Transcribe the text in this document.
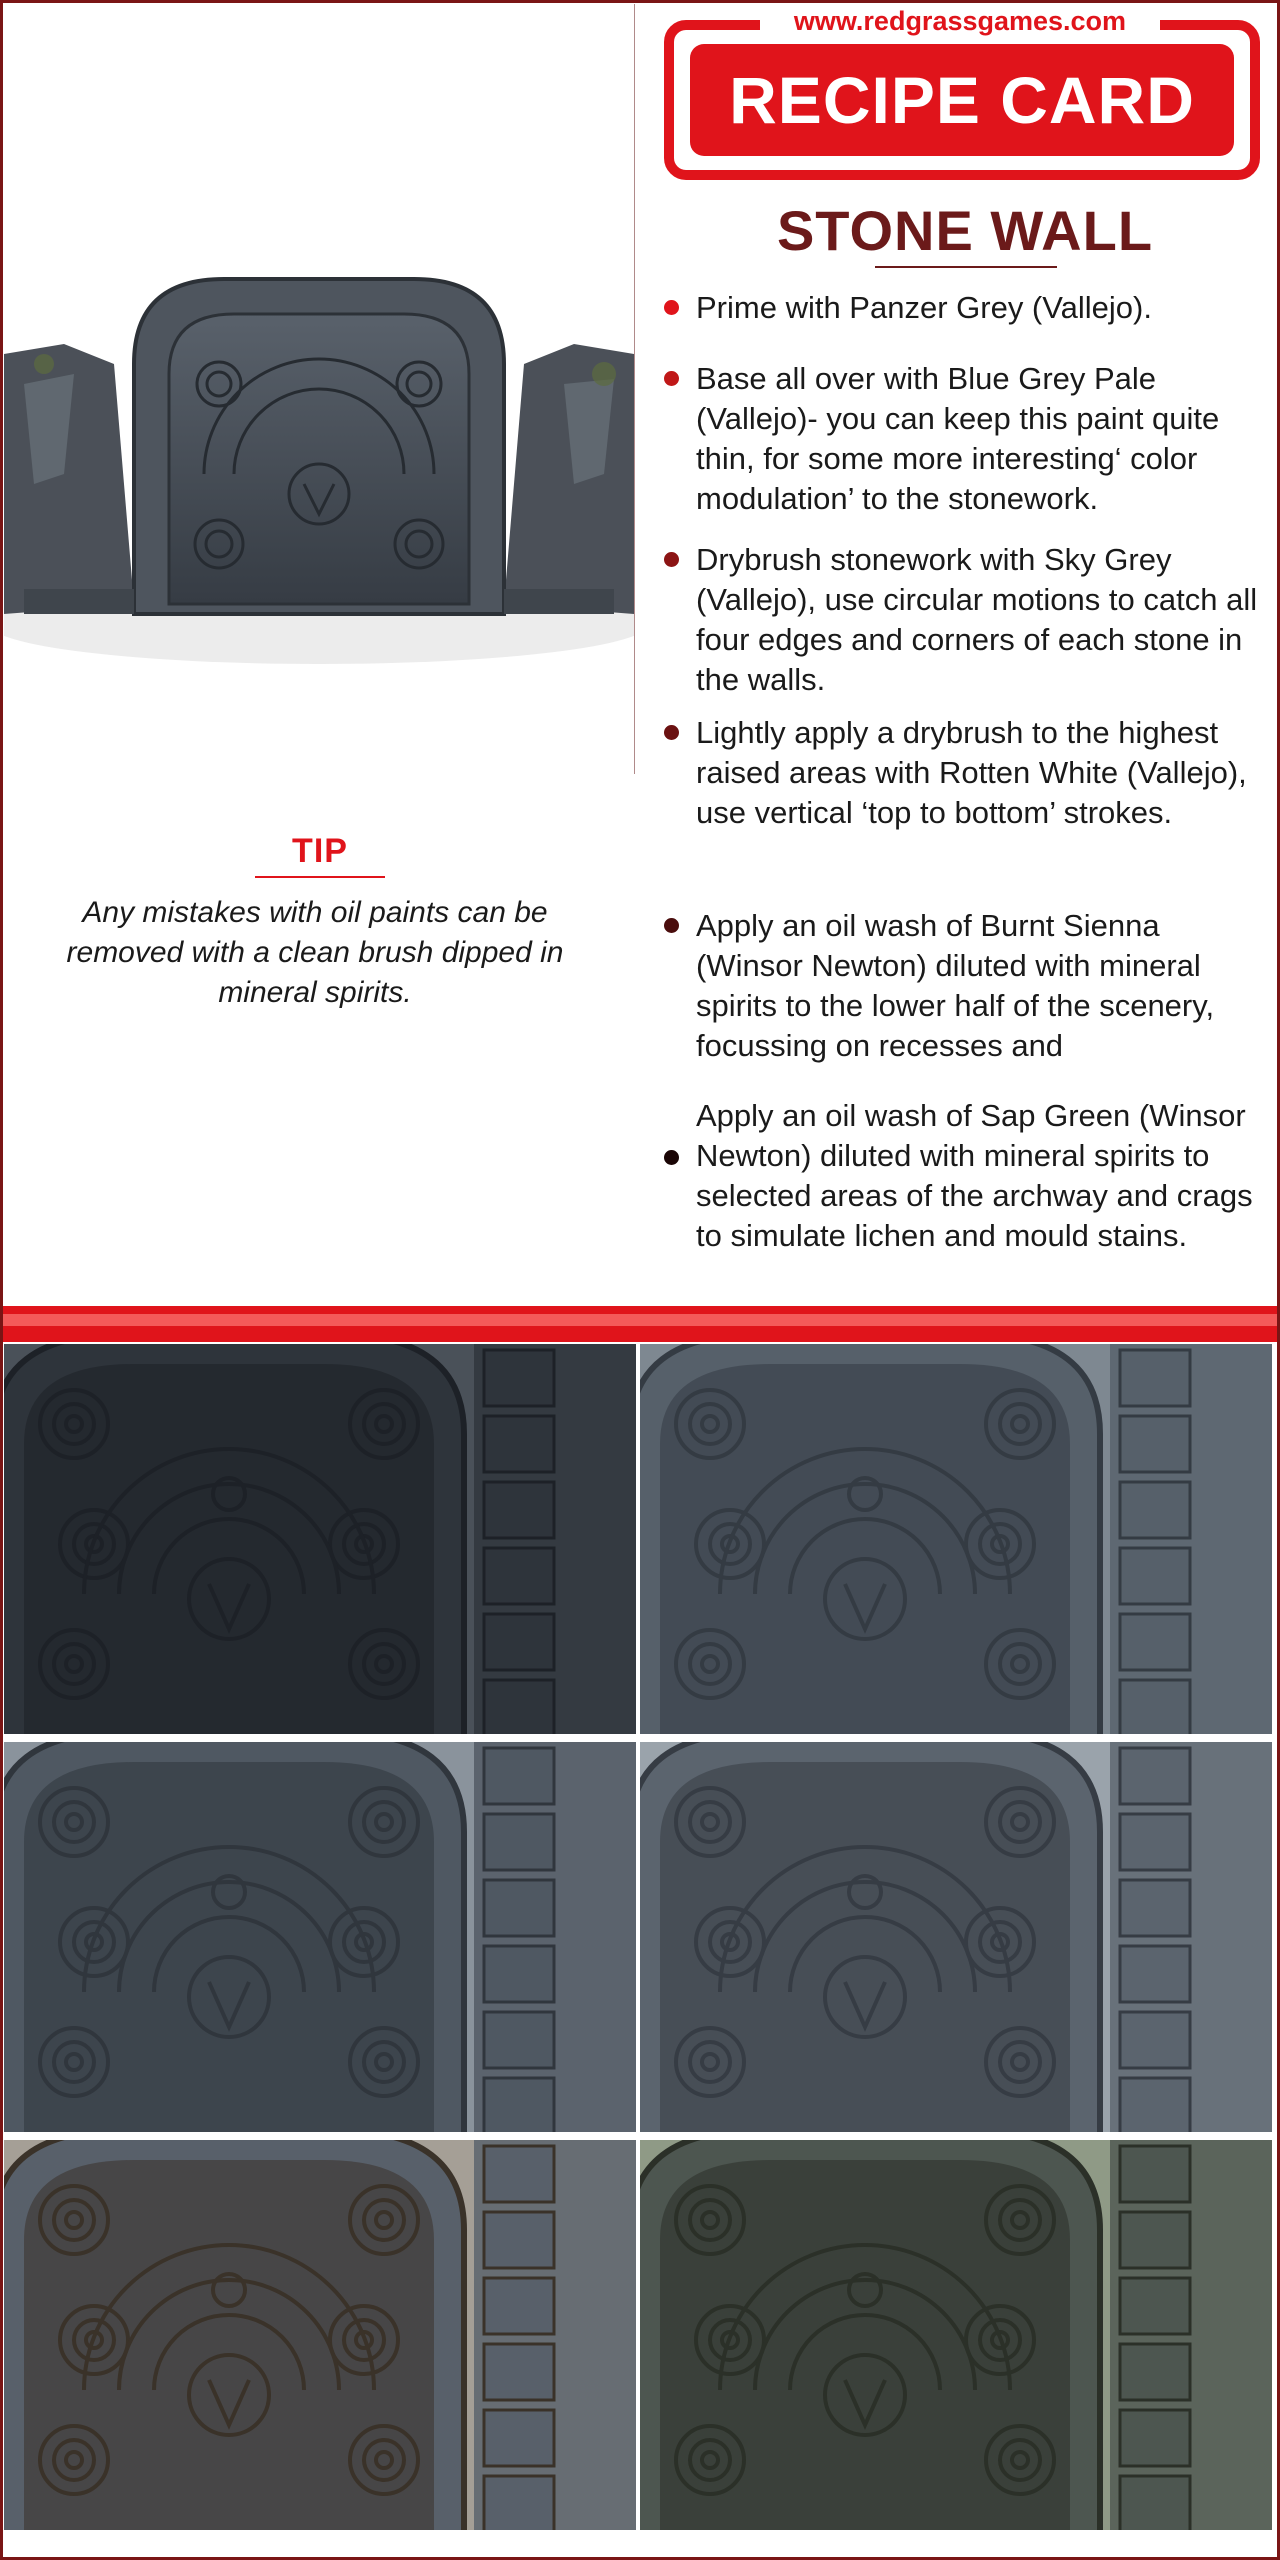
TIP
Any mistakes with oil paints can be removed with a clean brush dipped in mineral spirits.
www.redgrassgames.com
RECIPE CARD
STONE WALL
Prime with Panzer Grey (Vallejo).
Base all over with Blue Grey Pale (Vallejo)- you can keep this paint quite thin, for some more interesting‘ color modulation’ to the stonework.
Drybrush stonework with Sky Grey (Vallejo), use circular motions to catch all four edges and corners of each stone in the walls.
Lightly apply a drybrush to the highest raised areas with Rotten White (Vallejo), use vertical ‘top to bottom’ strokes.
Apply an oil wash of Burnt Sienna (Winsor Newton) diluted with mineral spirits to the lower half of the scenery, focussing on recesses and
Apply an oil wash of Sap Green (Winsor Newton) diluted with mineral spirits to selected areas of the archway and crags to simulate lichen and mould stains.
